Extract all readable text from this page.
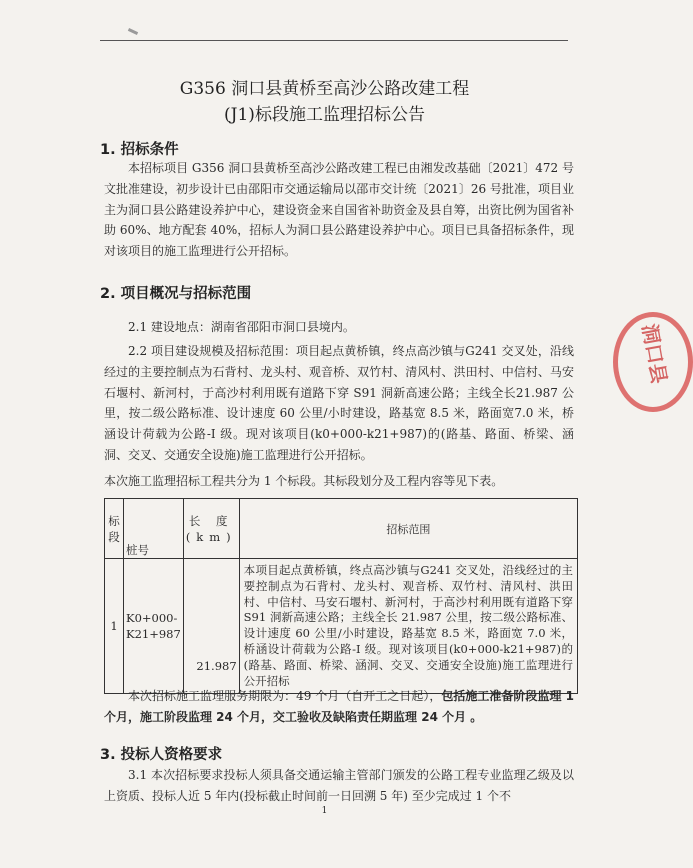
G356 洞口县黄桥至高沙公路改建工程
(J1)标段施工监理招标公告
1. 招标条件
本招标项目 G356 洞口县黄桥至高沙公路改建工程已由湘发改基础〔2021〕472 号文批准建设，初步设计已由邵阳市交通运输局以邵市交计统〔2021〕26 号批准，项目业主为洞口县公路建设养护中心，建设资金来自国省补助资金及县自筹，出资比例为国省补助 60%、地方配套 40%，招标人为洞口县公路建设养护中心。项目已具备招标条件，现对该项目的施工监理进行公开招标。
2. 项目概况与招标范围
2.1 建设地点：湖南省邵阳市洞口县境内。
2.2 项目建设规模及招标范围：项目起点黄桥镇，终点高沙镇与G241 交叉处，沿线经过的主要控制点为石背村、龙头村、观音桥、双竹村、清风村、洪田村、中信村、马安石堰村、新河村，于高沙村利用既有道路下穿 S91 洞新高速公路；主线全长21.987 公里，按二级公路标准、设计速度 60 公里/小时建设，路基宽 8.5 米，路面宽7.0 米，桥涵设计荷载为公路-I 级。现对该项目(k0+000-k21+987)的(路基、路面、桥梁、涵洞、交叉、交通安全设施)施工监理进行公开招标。
本次施工监理招标工程共分为 1 个标段。其标段划分及工程内容等见下表。
标段	桩号	长 度(km)	招标范围
1	K0+000-K21+987	21.987	本项目起点黄桥镇，终点高沙镇与G241 交叉处，沿线经过的主要控制点为石背村、龙头村、观音桥、双竹村、清风村、洪田村、中信村、马安石堰村、新河村，于高沙村利用既有道路下穿 S91 洞新高速公路；主线全长 21.987 公里，按二级公路标准、设计速度 60 公里/小时建设，路基宽 8.5 米，路面宽 7.0 米，桥涵设计荷载为公路-I 级。现对该项目(k0+000-k21+987)的(路基、路面、桥梁、涵洞、交叉、交通安全设施)施工监理进行公开招标
本次招标施工监理服务期限为：49 个月（自开工之日起），包括施工准备阶段监理 1 个月，施工阶段监理 24 个月，交工验收及缺陷责任期监理 24 个月 。
3. 投标人资格要求
3.1 本次招标要求投标人须具备交通运输主管部门颁发的公路工程专业监理乙级及以上资质、投标人近 5 年内(投标截止时间前一日回溯 5 年) 至少完成过 1 个不
1
洞口县
